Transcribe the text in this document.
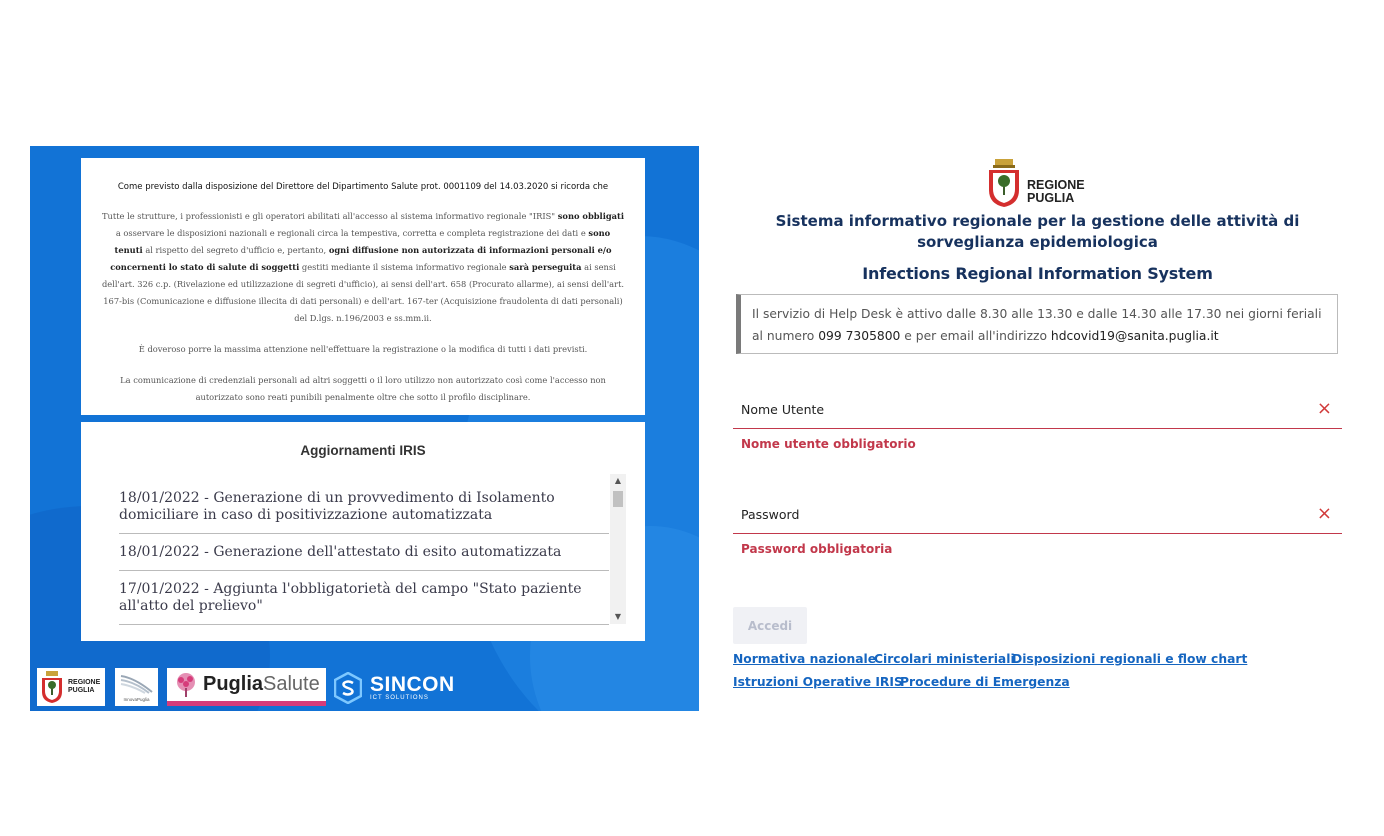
Come previsto dalla disposizione del Direttore del Dipartimento Salute prot. 0001109 del 14.03.2020 si ricorda che

Tutte le strutture, i professionisti e gli operatori abilitati all'accesso al sistema informativo regionale "IRIS" sono obbligati a osservare le disposizioni nazionali e regionali circa la tempestiva, corretta e completa registrazione dei dati e sono tenuti al rispetto del segreto d'ufficio e, pertanto, ogni diffusione non autorizzata di informazioni personali e/o concernenti lo stato di salute di soggetti gestiti mediante il sistema informativo regionale sarà perseguita ai sensi dell'art. 326 c.p. (Rivelazione ed utilizzazione di segreti d'ufficio), ai sensi dell'art. 658 (Procurato allarme), ai sensi dell'art. 167-bis (Comunicazione e diffusione illecita di dati personali) e dell'art. 167-ter (Acquisizione fraudolenta di dati personali) del D.lgs. n.196/2003 e ss.mm.ii.

È doveroso porre la massima attenzione nell'effettuare la registrazione o la modifica di tutti i dati previsti.

La comunicazione di credenziali personali ad altri soggetti o il loro utilizzo non autorizzato così come l'accesso non autorizzato sono reati punibili penalmente oltre che sotto il profilo disciplinare.

Aggiornamenti IRIS
18/01/2022 - Generazione di un provvedimento di Isolamento domiciliare in caso di positivizzazione automatizzata
18/01/2022 - Generazione dell'attestato di esito automatizzata
17/01/2022 - Aggiunta l'obbligatorietà del campo "Stato paziente all'atto del prelievo"
▲
▼
REGIONE
PUGLIA
InnovaPuglia
PugliaSalute SINCON
ICT SOLUTIONS
REGIONE
PUGLIA
Sistema informativo regionale per la gestione delle attività di sorveglianza epidemiologica
Infections Regional Information System
Il servizio di Help Desk è attivo dalle 8.30 alle 13.30 e dalle 14.30 alle 17.30 nei giorni feriali al numero 099 7305800 e per email all'indirizzo hdcovid19@sanita.puglia.it
Nome Utente	×
Nome utente obbligatorio
Password	×
Password obbligatoria
Accedi
Normativa nazionale
Circolari ministeriali
Disposizioni regionali e flow chart
Istruzioni Operative IRIS
Procedure di Emergenza
